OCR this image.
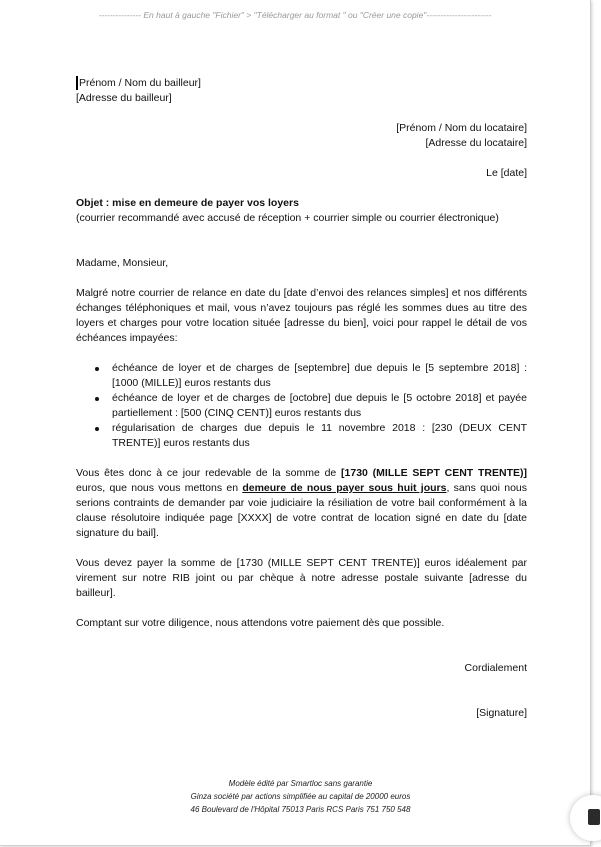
--------------- En haut à gauche "Fichier" > "Télécharger au format " ou "Créer une copie"-----------------------
Prénom / Nom du bailleur]
[Adresse du bailleur]
[Prénom / Nom du locataire]
[Adresse du locataire]
Le [date]
Objet : mise en demeure de payer vos loyers
(courrier recommandé avec accusé de réception + courrier simple ou courrier électronique)
Madame, Monsieur,

Malgré notre courrier de relance en date du [date d’envoi des relances simples] et nos différents échanges téléphoniques et mail, vous n’avez toujours pas réglé les sommes dues au titre des loyers et charges pour votre location située [adresse du bien], voici pour rappel le détail de vos échéances impayées:

échéance de loyer et de charges de [septembre] due depuis le [5 septembre 2018] : [1000 (MILLE)] euros restants dus
échéance de loyer et de charges de [octobre] due depuis le [5 octobre 2018] et payée partiellement : [500 (CINQ CENT)] euros restants dus
régularisation de charges due depuis le 11 novembre 2018 : [230 (DEUX CENT TRENTE)] euros restants dus

Vous êtes donc à ce jour redevable de la somme de [1730 (MILLE SEPT CENT TRENTE)] euros, que nous vous mettons en demeure de nous payer sous huit jours, sans quoi nous serions contraints de demander par voie judiciaire la résiliation de votre bail conformément à la clause résolutoire indiquée page [XXXX] de votre contrat de location signé en date du [date signature du bail].

Vous devez payer la somme de [1730 (MILLE SEPT CENT TRENTE)] euros idéalement par virement sur notre RIB joint ou par chèque à notre adresse postale suivante [adresse du bailleur].

Comptant sur votre diligence, nous attendons votre paiement dès que possible.
Cordialement
[Signature]
Modèle édité par Smartloc sans garantie
Ginza société par actions simplifiée au capital de 20000 euros
46 Boulevard de l'Hôpital 75013 Paris RCS Paris 751 750 548
